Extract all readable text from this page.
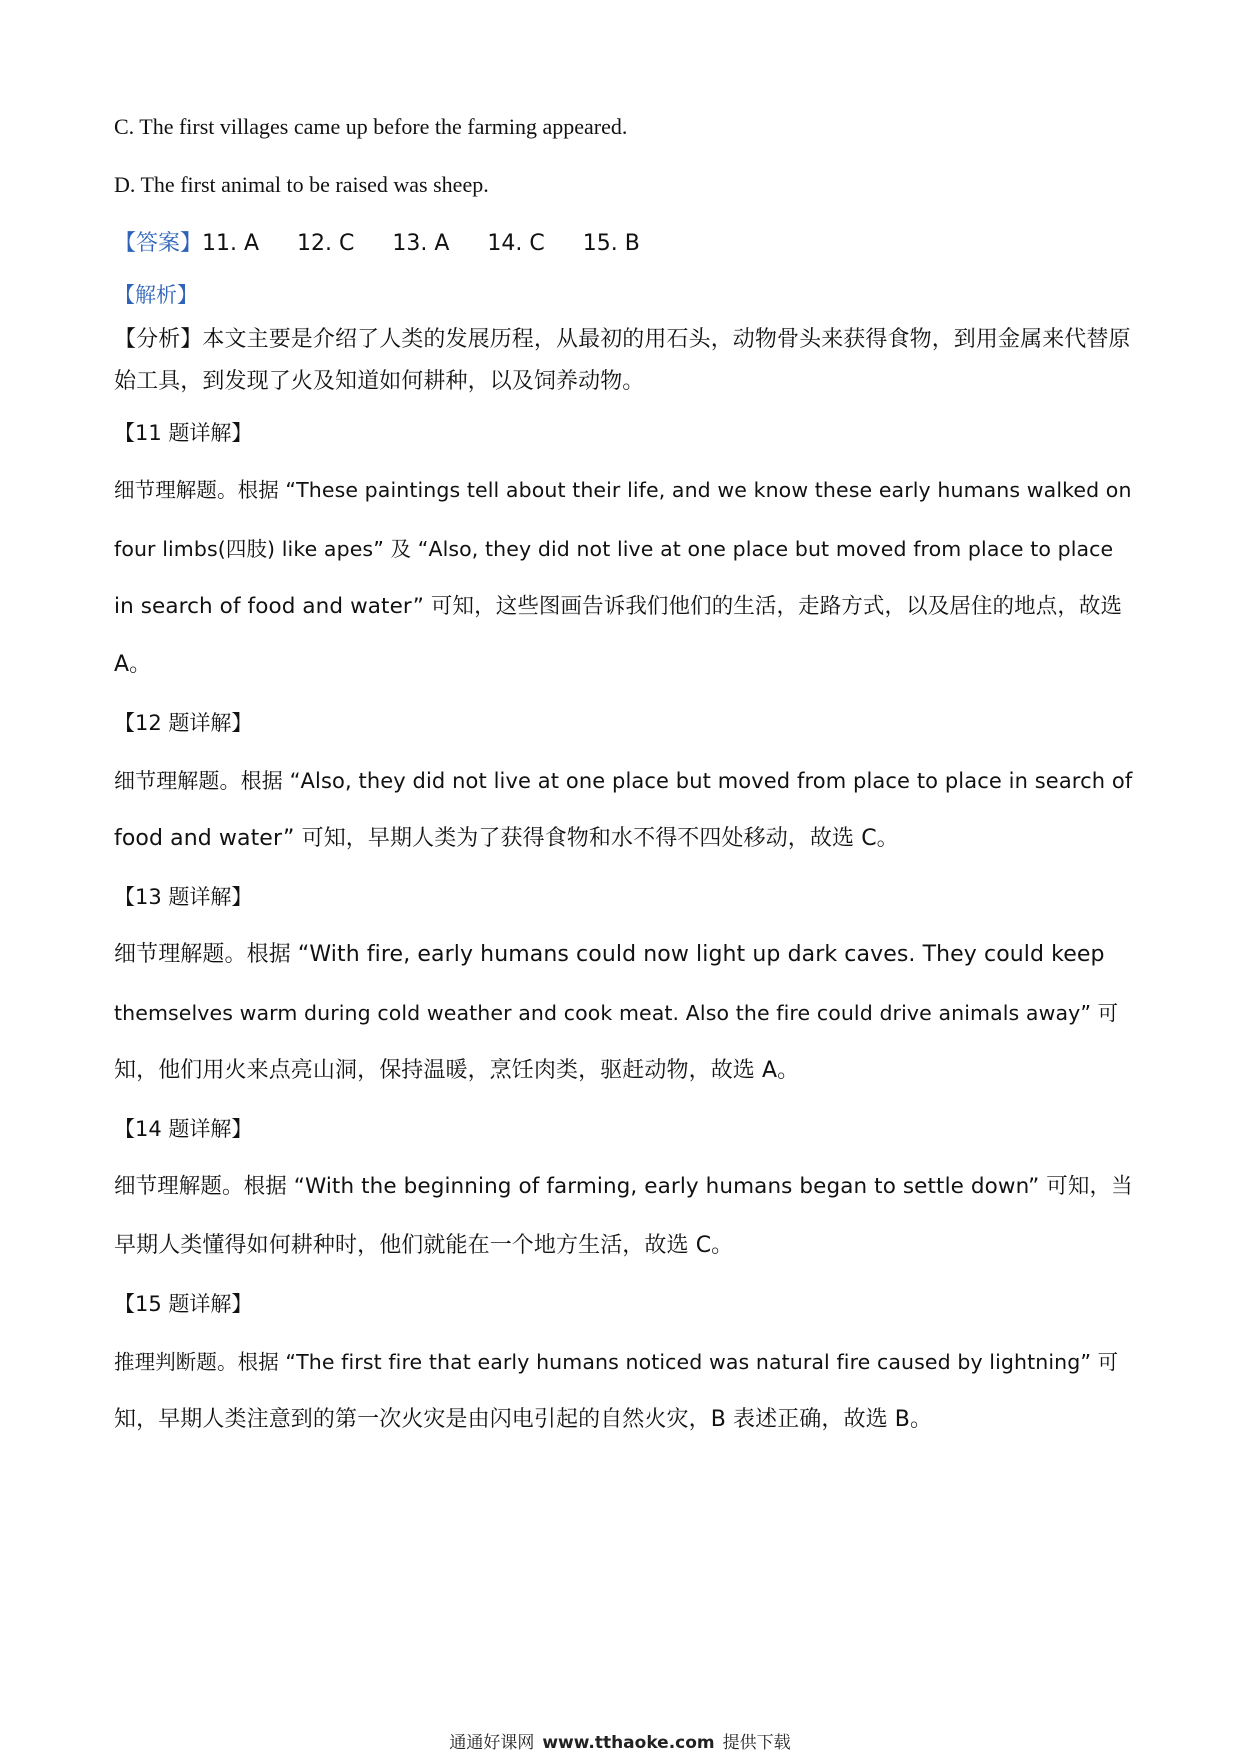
C. The first villages came up before the farming appeared.
D. The first animal to be raised was sheep.
【答案】11. A 12. C 13. A 14. C 15. B
【解析】
【分析】本文主要是介绍了人类的发展历程，从最初的用石头，动物骨头来获得食物，到用金属来代替原
始工具，到发现了火及知道如何耕种，以及饲养动物。
【11 题详解】
细节理解题。根据 “These paintings tell about their life, and we know these early humans walked on
four limbs(四肢) like apes” 及 “Also, they did not live at one place but moved from place to place
in search of food and water” 可知，这些图画告诉我们他们的生活，走路方式，以及居住的地点，故选
A。
【12 题详解】
细节理解题。根据 “Also, they did not live at one place but moved from place to place in search of
food and water” 可知，早期人类为了获得食物和水不得不四处移动，故选 C。
【13 题详解】
细节理解题。根据 “With fire, early humans could now light up dark caves. They could keep
themselves warm during cold weather and cook meat. Also the fire could drive animals away” 可
知，他们用火来点亮山洞，保持温暖，烹饪肉类，驱赶动物，故选 A。
【14 题详解】
细节理解题。根据 “With the beginning of farming, early humans began to settle down” 可知，当
早期人类懂得如何耕种时，他们就能在一个地方生活，故选 C。
【15 题详解】
推理判断题。根据 “The first fire that early humans noticed was natural fire caused by lightning” 可
知，早期人类注意到的第一次火灾是由闪电引起的自然火灾，B 表述正确，故选 B。
通通好课网 www.tthaoke.com 提供下载
